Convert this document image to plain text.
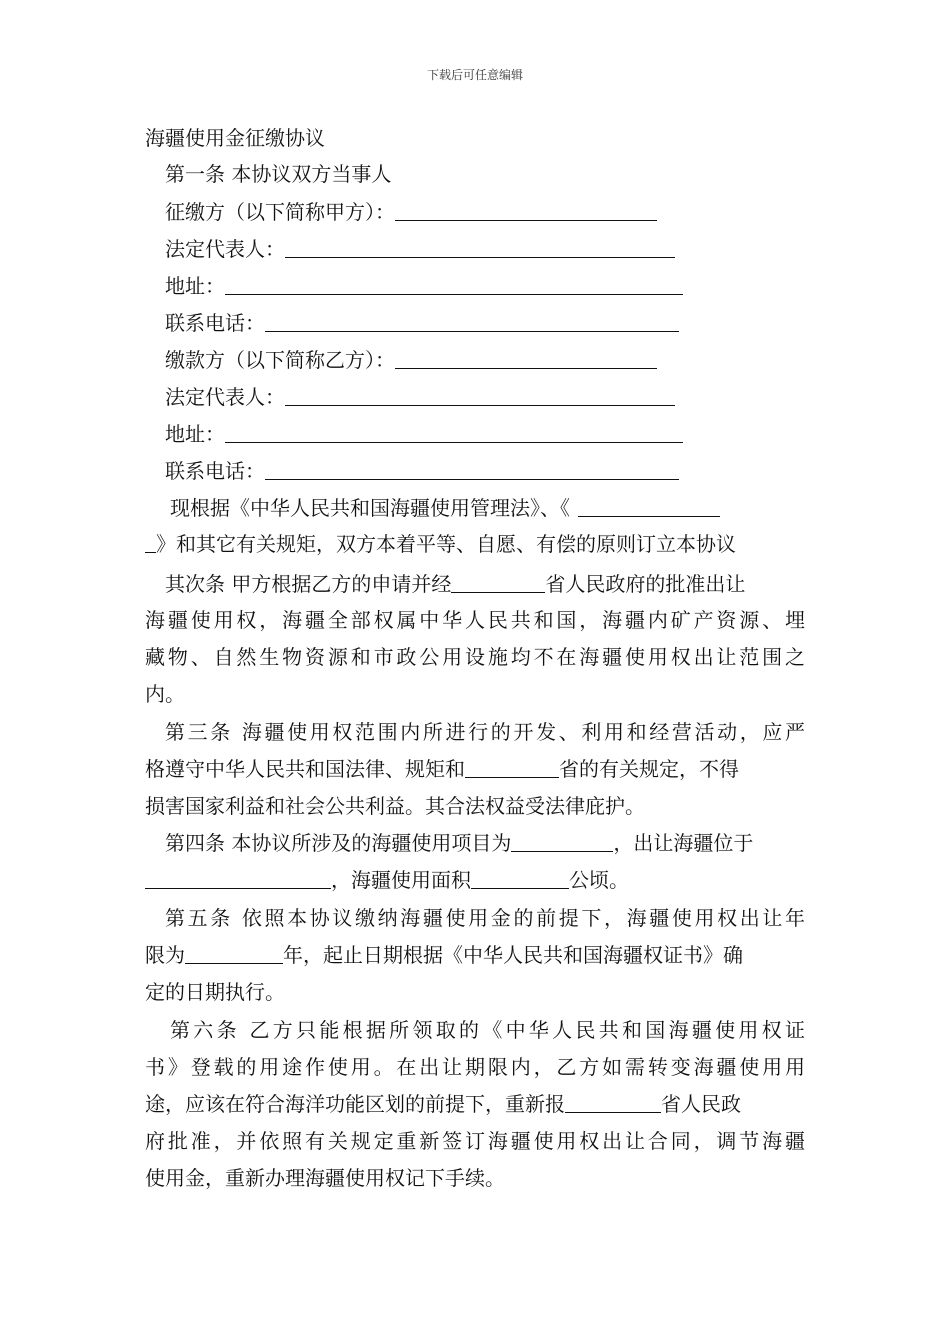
下载后可任意编辑
海疆使用金征缴协议
第一条 本协议双方当事人
征缴方（以下简称甲方）：
法定代表人：
地址：
联系电话：
缴款方（以下简称乙方）：
法定代表人：
地址：
联系电话：
现根据《中华人民共和国海疆使用管理法》、《
》和其它有关规矩，双方本着平等、自愿、有偿的原则订立本协议
其次条 甲方根据乙方的申请并经	省人民政府的批准出让
海疆使用权，海疆全部权属中华人民共和国，海疆内矿产资源、埋
藏物、自然生物资源和市政公用设施均不在海疆使用权出让范围之
内。
第三条 海疆使用权范围内所进行的开发、利用和经营活动，应严
格遵守中华人民共和国法律、规矩和	省的有关规定，不得
损害国家利益和社会公共利益。其合法权益受法律庇护。
第四条 本协议所涉及的海疆使用项目为	，出让海疆位于
，海疆使用面积	公顷。
第五条 依照本协议缴纳海疆使用金的前提下，海疆使用权出让年
限为	年，起止日期根据《中华人民共和国海疆权证书》确
定的日期执行。
第六条 乙方只能根据所领取的《中华人民共和国海疆使用权证
书》登载的用途作使用。在出让期限内，乙方如需转变海疆使用用
途，应该在符合海洋功能区划的前提下，重新报	省人民政
府批准，并依照有关规定重新签订海疆使用权出让合同，调节海疆
使用金，重新办理海疆使用权记下手续。
